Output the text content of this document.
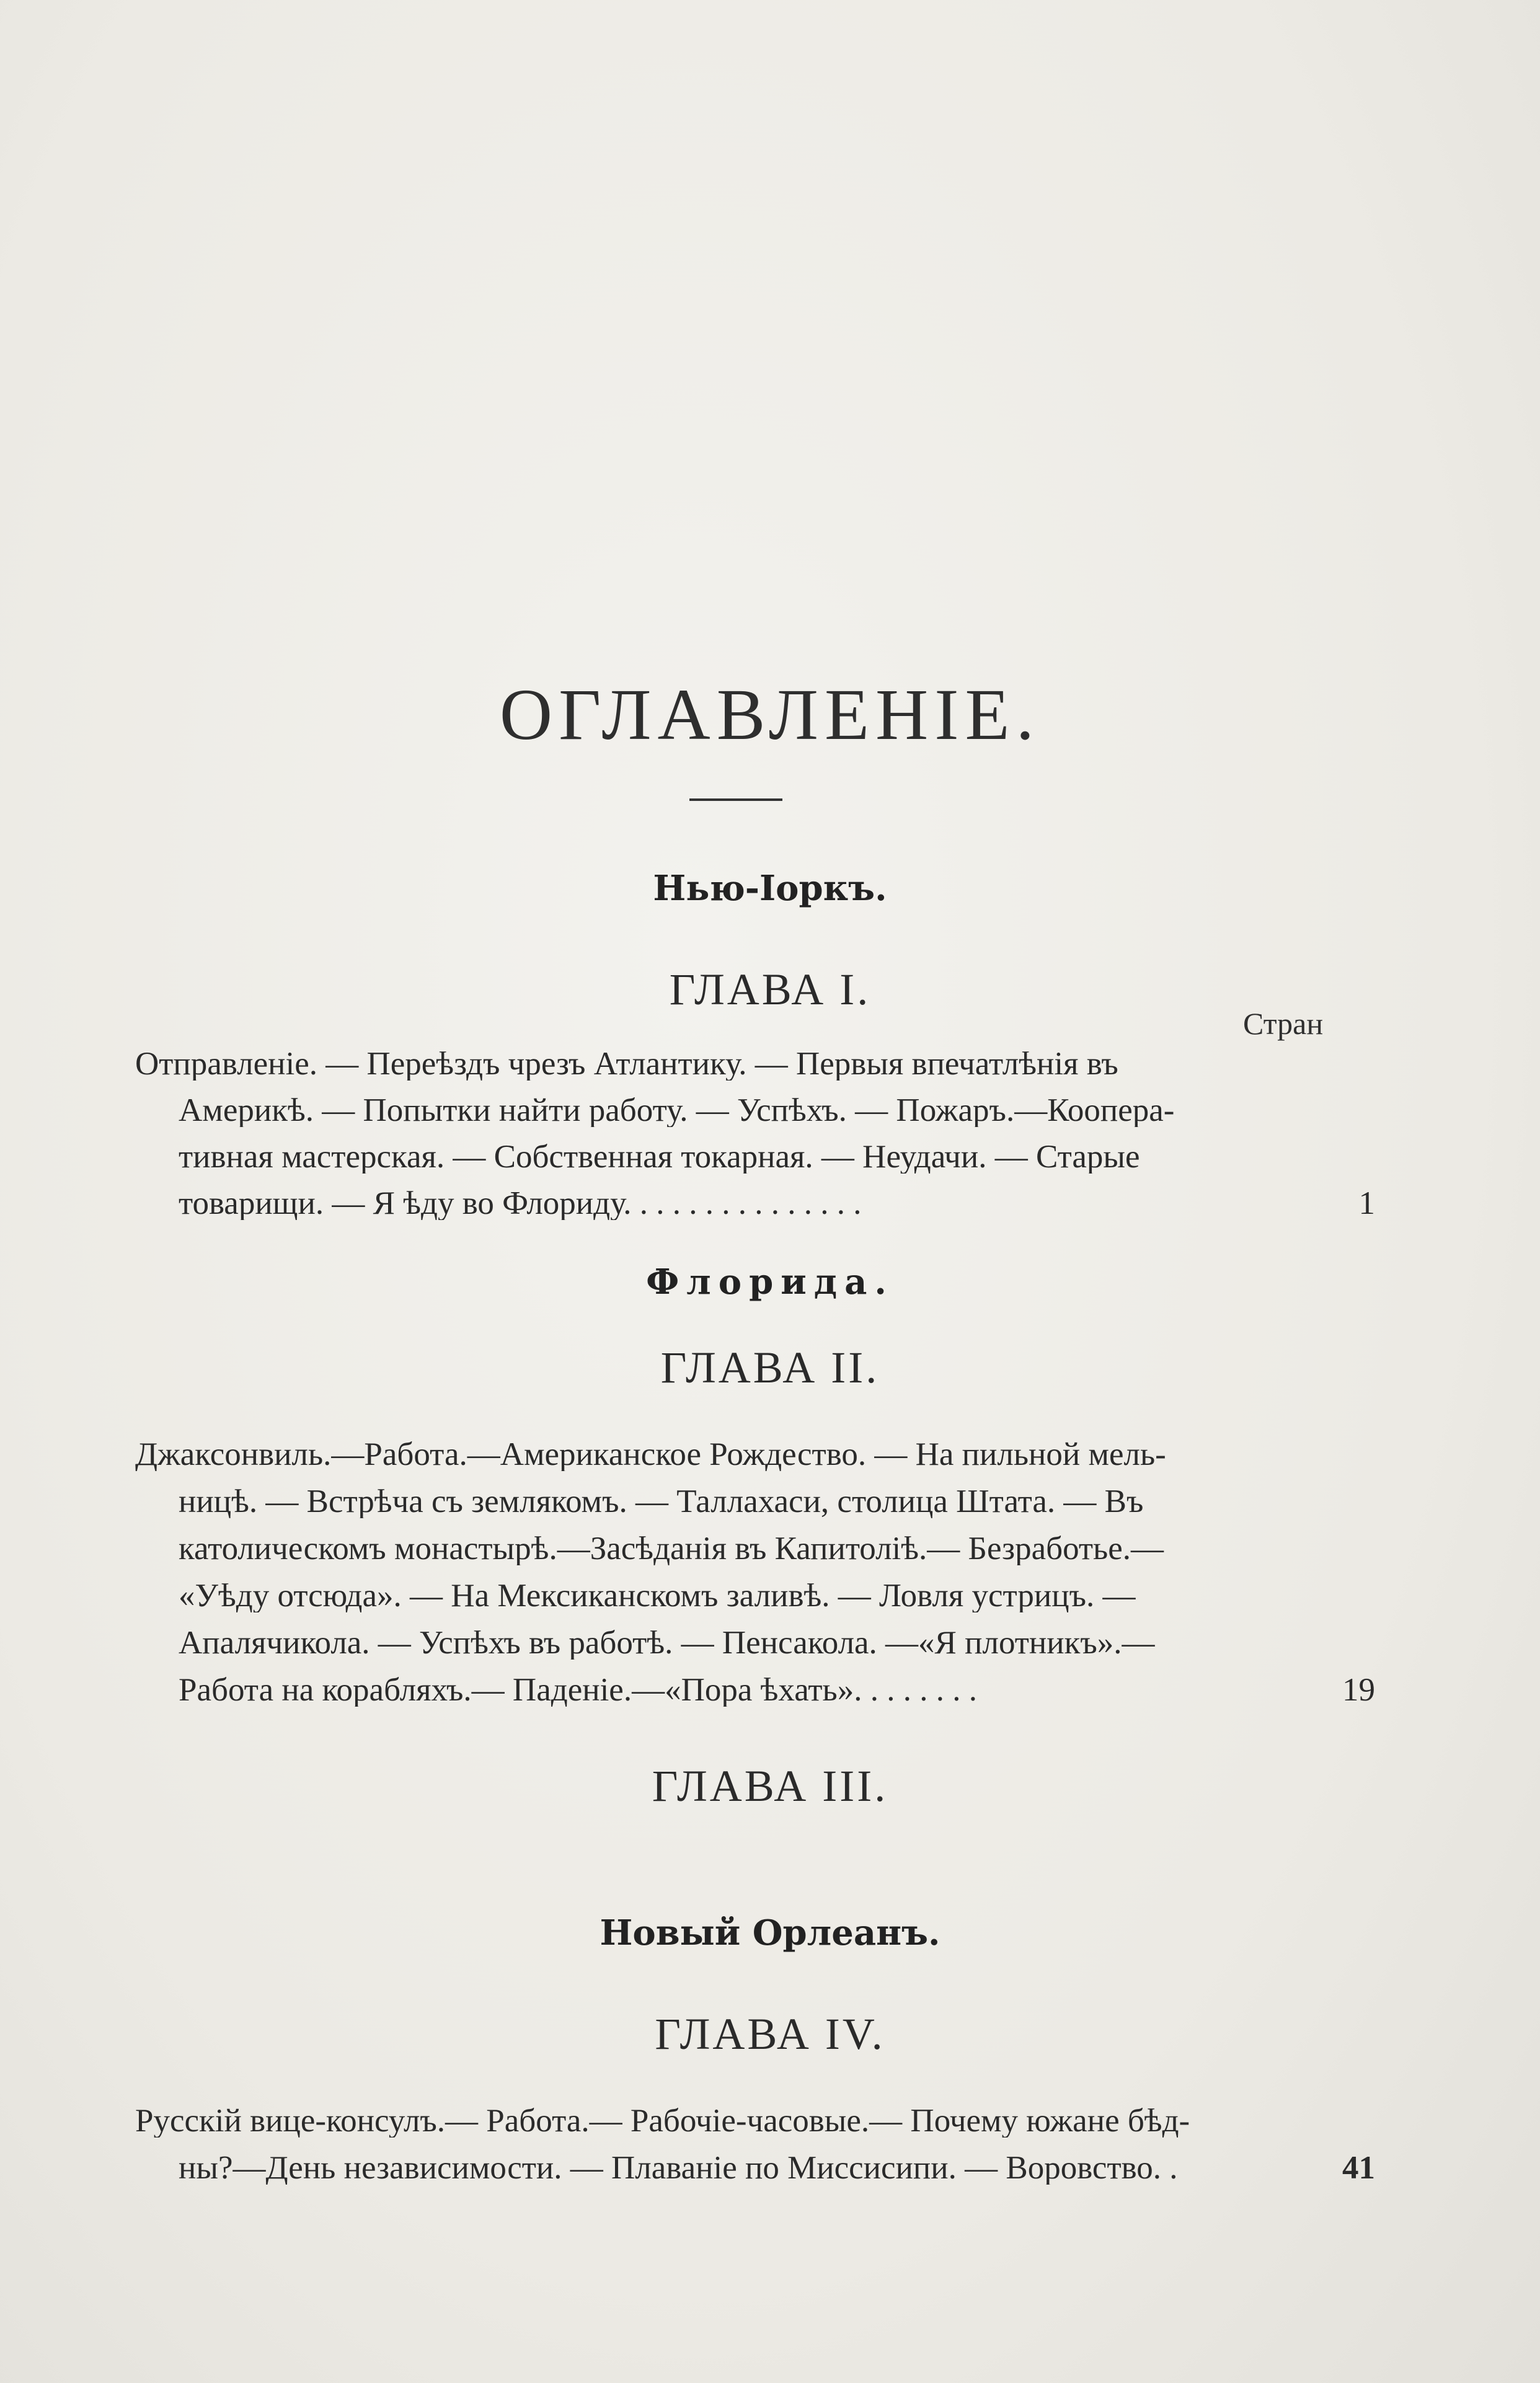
ОГЛАВЛЕНІЕ.
Нью-Іоркъ.
ГЛАВА I.
Стран
Отправленіе. — Переѣздъ чрезъ Атлантику. — Первыя впечатлѣнія въ
Америкѣ. — Попытки найти работу. — Успѣхъ. — Пожаръ.—Коопера-
тивная мастерская. — Собственная токарная. — Неудачи. — Старые
товарищи. — Я ѣду во Флориду. . . . . . . . . . . . . . .	1
Флорида.
ГЛАВА II.
Джаксонвиль.—Работа.—Американское Рождество. — На пильной мель-
ницѣ. — Встрѣча съ землякомъ. — Таллахаси, столица Штата. — Въ
католическомъ монастырѣ.—Засѣданія въ Капитоліѣ.— Безработье.—
«Уѣду отсюда». — На Мексиканскомъ заливѣ. — Ловля устрицъ. —
Апалячикола. — Успѣхъ въ работѣ. — Пенсакола. —«Я плотникъ».—
Работа на корабляхъ.— Паденіе.—«Пора ѣхать». . . . . . . .	19
ГЛАВА III.
Новый Орлеанъ.
ГЛАВА IV.
Русскій вице-консулъ.— Работа.— Рабочіе-часовые.— Почему южане бѣд-
ны?—День независимости. — Плаваніе по Миссисипи. — Воровство. .	41
